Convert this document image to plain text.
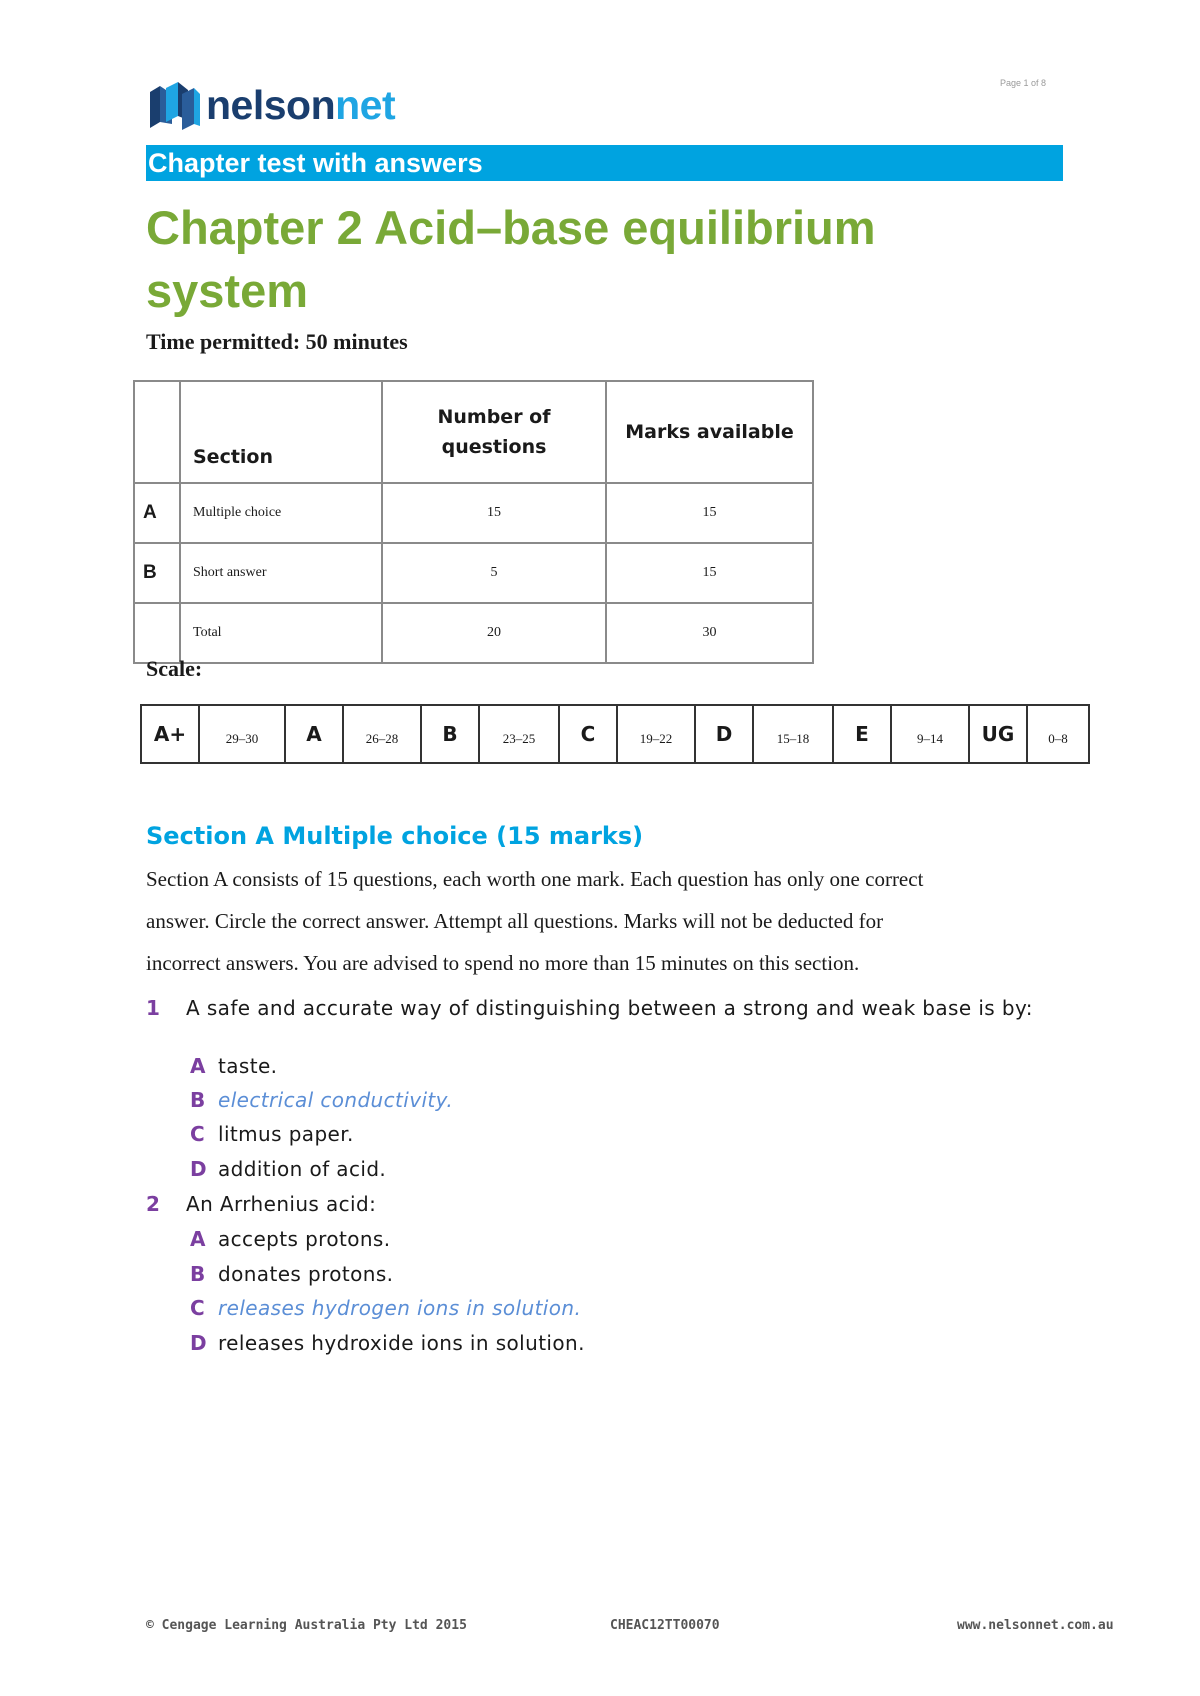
nelsonnet	Page 1 of 8
Chapter test with answers
Chapter 2 Acid–base equilibrium system
Time permitted: 50 minutes
	Section	Number of questions	Marks available
A	Multiple choice	15	15
B	Short answer	5	15
	Total	20	30
Scale:
A+	29–30	A	26–28	B	23–25	C	19–22	D	15–18	E	9–14	UG	0–8
Section A Multiple choice (15 marks)
Section A consists of 15 questions, each worth one mark. Each question has only one correct
answer. Circle the correct answer. Attempt all questions. Marks will not be deducted for
incorrect answers. You are advised to spend no more than 15 minutes on this section.
1	A safe and accurate way of distinguishing between a strong and weak base is by:
A taste.
B electrical conductivity.
C litmus paper.
D addition of acid.
2	An Arrhenius acid:
A accepts protons.
B donates protons.
C releases hydrogen ions in solution.
D releases hydroxide ions in solution.
© Cengage Learning Australia Pty Ltd 2015	CHEAC12TT00070	www.nelsonnet.com.au
